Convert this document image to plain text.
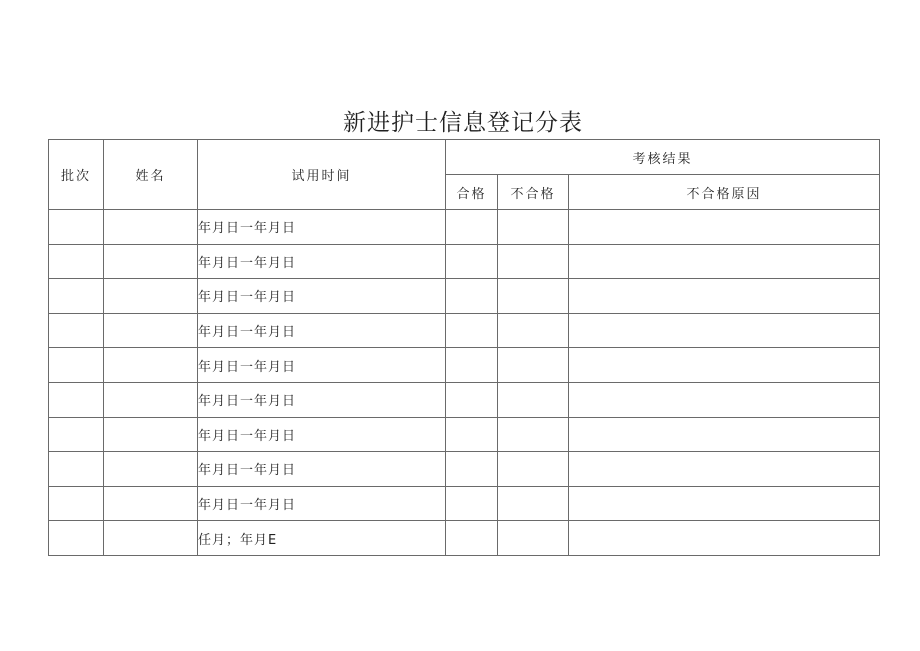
新进护士信息登记分表
批次	姓名	试用时间	考核结果		
			合格	不合格	不合格原因
		年月日一年月日			
		年月日一年月日			
		年月日一年月日			
		年月日一年月日			
		年月日一年月日			
		年月日一年月日			
		年月日一年月日			
		年月日一年月日			
		年月日一年月日			
		任月；年月E			
